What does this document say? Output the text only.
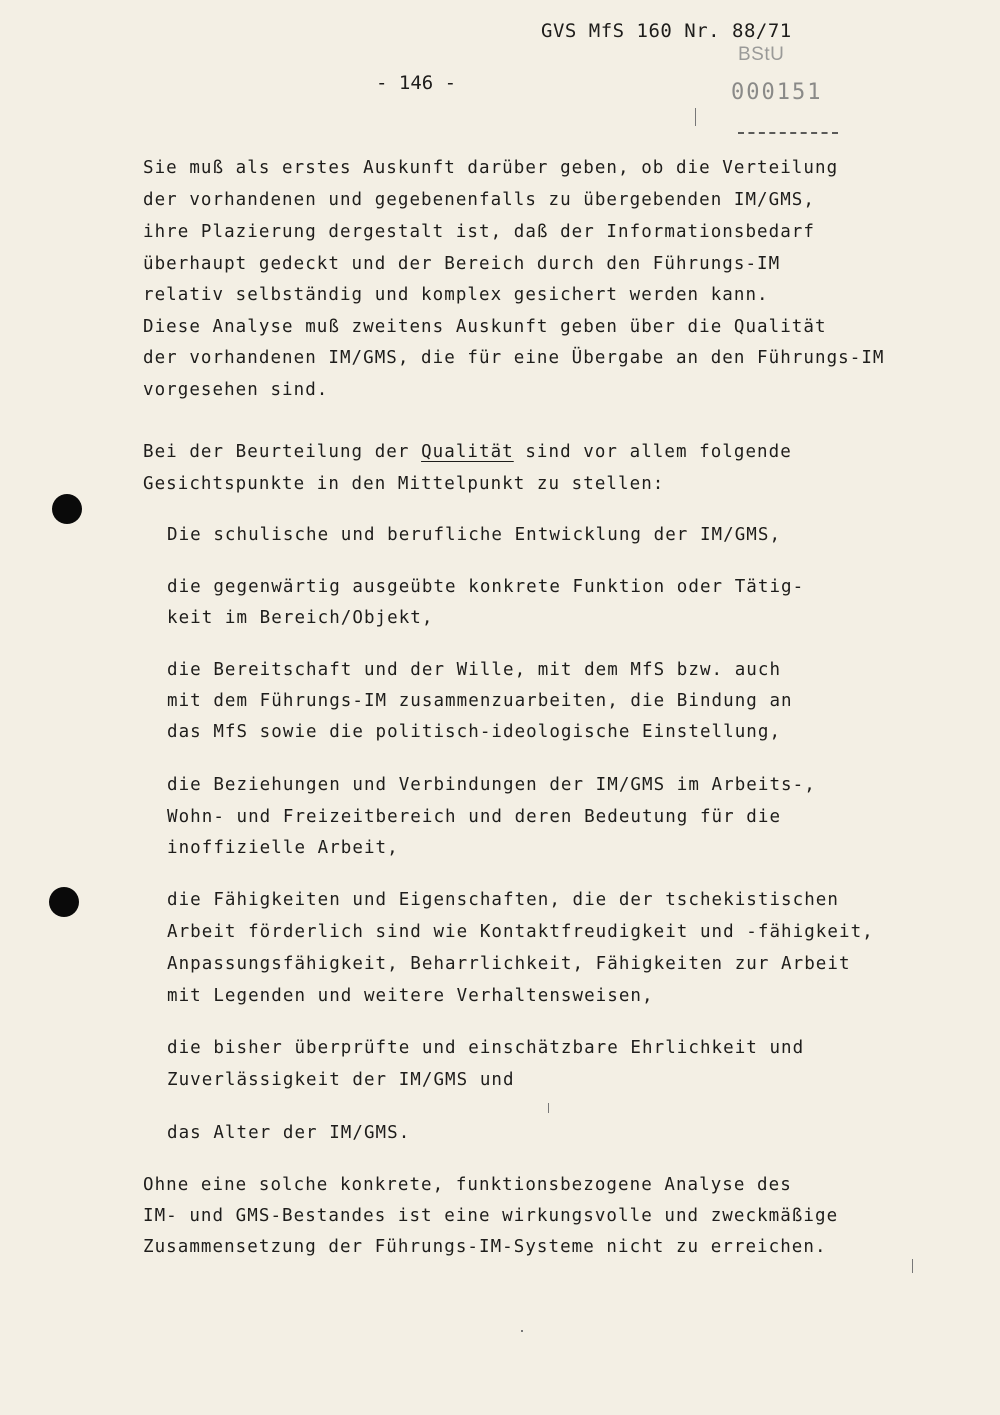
GVS MfS 160 Nr. 88/71
BStU
000151
- 146 -
Sie muß als erstes Auskunft darüber geben, ob die Verteilung
der vorhandenen und gegebenenfalls zu übergebenden IM/GMS,
ihre Plazierung dergestalt ist, daß der Informationsbedarf
überhaupt gedeckt und der Bereich durch den Führungs-IM
relativ selbständig und komplex gesichert werden kann.
Diese Analyse muß zweitens Auskunft geben über die Qualität
der vorhandenen IM/GMS, die für eine Übergabe an den Führungs-IM
vorgesehen sind.
Bei der Beurteilung der Qualität sind vor allem folgende
Gesichtspunkte in den Mittelpunkt zu stellen:
Die schulische und berufliche Entwicklung der IM/GMS,
die gegenwärtig ausgeübte konkrete Funktion oder Tätig-
keit im Bereich/Objekt,
die Bereitschaft und der Wille, mit dem MfS bzw. auch
mit dem Führungs-IM zusammenzuarbeiten, die Bindung an
das MfS sowie die politisch-ideologische Einstellung,
die Beziehungen und Verbindungen der IM/GMS im Arbeits-,
Wohn- und Freizeitbereich und deren Bedeutung für die
inoffizielle Arbeit,
die Fähigkeiten und Eigenschaften, die der tschekistischen
Arbeit förderlich sind wie Kontaktfreudigkeit und -fähigkeit,
Anpassungsfähigkeit, Beharrlichkeit, Fähigkeiten zur Arbeit
mit Legenden und weitere Verhaltensweisen,
die bisher überprüfte und einschätzbare Ehrlichkeit und
Zuverlässigkeit der IM/GMS und
das Alter der IM/GMS.
Ohne eine solche konkrete, funktionsbezogene Analyse des
IM- und GMS-Bestandes ist eine wirkungsvolle und zweckmäßige
Zusammensetzung der Führungs-IM-Systeme nicht zu erreichen.
